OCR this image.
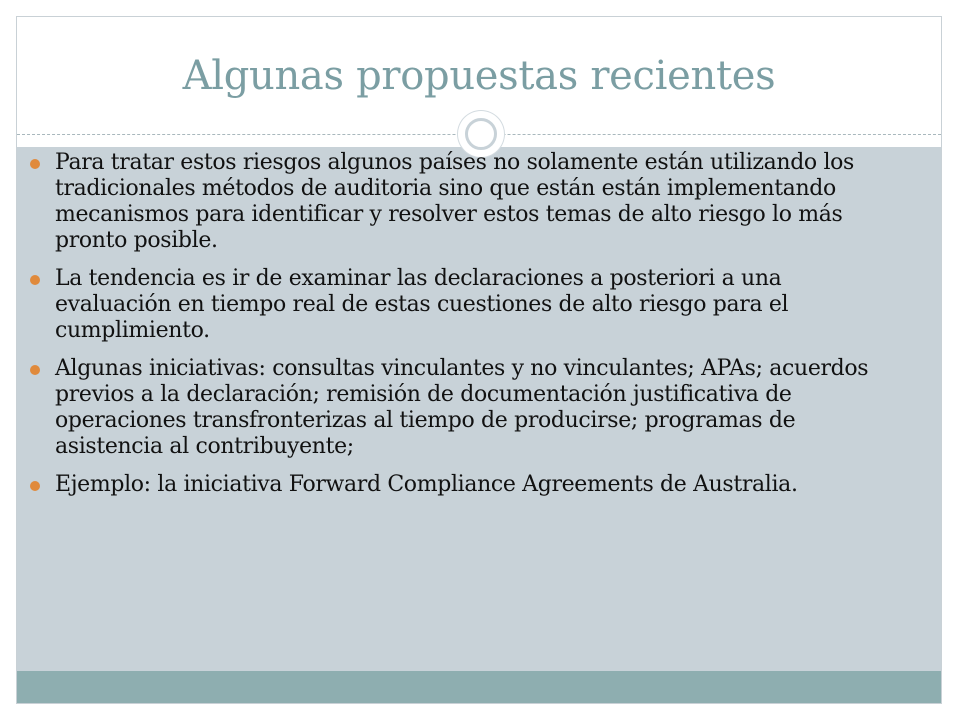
Algunas propuestas recientes
Para tratar estos riesgos algunos países no solamente están utilizando los tradicionales métodos de auditoria sino que están están implementando mecanismos para identificar y resolver estos temas de alto riesgo lo más pronto posible.
La tendencia es ir de examinar las declaraciones a posteriori a una evaluación en tiempo real de estas cuestiones de alto riesgo para el cumplimiento.
Algunas iniciativas: consultas vinculantes y no vinculantes; APAs; acuerdos previos a la declaración; remisión de documentación justificativa de operaciones transfronterizas al tiempo de producirse; programas de asistencia al contribuyente;
Ejemplo: la iniciativa Forward Compliance Agreements de Australia.
